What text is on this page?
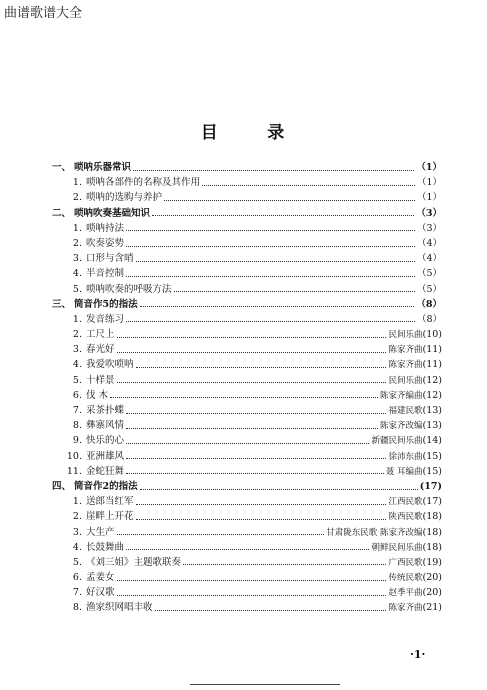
曲谱歌谱大全
目      录
一、 唢呐乐器常识	（1）
1. 唢呐各部件的名称及其作用	（1）
2. 唢呐的选购与养护	（1）
二、 唢呐吹奏基础知识	（3）
1. 唢呐持法	（3）
2. 吹奏姿势	（4）
3. 口形与含哨	（4）
4. 半音控制	（5）
5. 唢呐吹奏的呼吸方法	（5）
三、 筒音作5的指法	（8）
1. 发音练习	（8）
2. 工尺上	民间乐曲 (10)
3. 春光好	陈家齐曲 (11)
4. 我爱吹唢呐	陈家齐曲 (11)
5. 十样景	民间乐曲 (12)
6. 伐 木	陈家齐编曲 (12)
7. 采茶扑蝶	福建民歌 (13)
8. 彝寨风情	陈家齐改编 (13)
9. 快乐的心	新疆民间乐曲 (14)
10. 亚洲雄风	徐沛东曲 (15)
11. 金蛇狂舞	聂 耳编曲 (15)
四、 筒音作2的指法	(17)
1. 送郎当红军	江西民歌 (17)
2. 崖畔上开花	陕西民歌 (18)
3. 大生产	甘肃陇东民歌 陈家齐改编 (18)
4. 长鼓舞曲	朝鲜民间乐曲 (18)
5. 《刘三姐》主题歌联奏	广西民歌 (19)
6. 孟姜女	传统民歌 (20)
7. 好汉歌	赵季平曲 (20)
8. 渔家织网唱丰收	陈家齐曲 (21)
·1·
